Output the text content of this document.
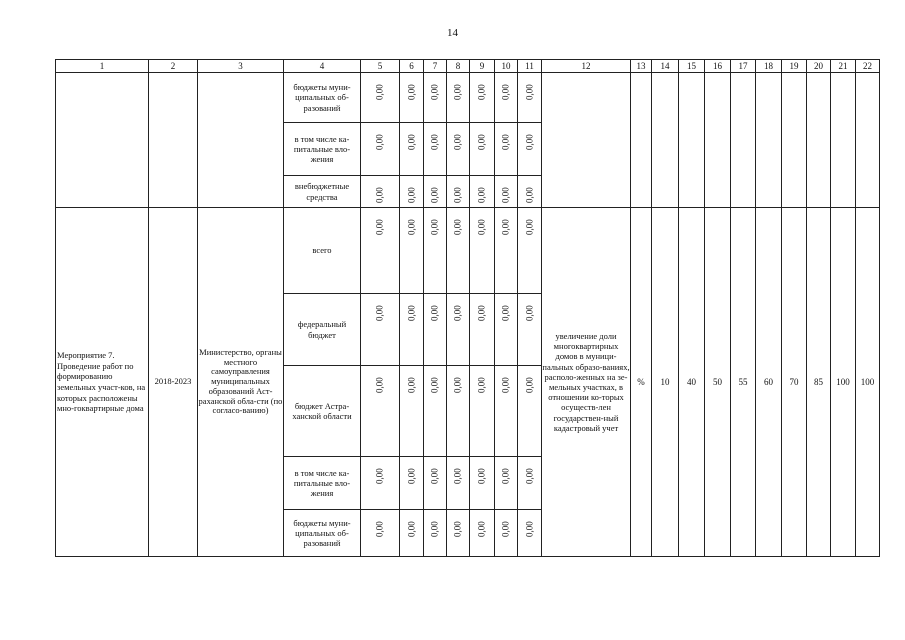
14
1	2	3	4	5	6	7	8	9	10	11	12	13	14	15	16	17	18	19	20	21	22
			бюджеты муни-ципальных об-разований	0,00	0,00	0,00	0,00	0,00	0,00	0,00											
			в том числе ка-питальные вло-жения	0,00	0,00	0,00	0,00	0,00	0,00	0,00											
			внебюджетные средства	0,00	0,00	0,00	0,00	0,00	0,00	0,00											
Мероприятие 7. Проведение работ по формированию земельных участ-ков, на которых расположены мно-гоквартирные дома	2018-2023	Министерство, органы местного самоуправления муниципальных образований Аст-раханской обла-сти (по согласо-ванию)	всего	0,00	0,00	0,00	0,00	0,00	0,00	0,00	увеличение доли многоквартирных домов в муници-пальных образо-ваниях, располо-женных на зе-мельных участках, в отношении ко-торых осуществ-лен государствен-ный кадастровый учет	%	10	40	50	55	60	70	85	100	100
			федеральный бюджет	0,00	0,00	0,00	0,00	0,00	0,00	0,00											
			бюджет Астра-ханской области	0,00	0,00	0,00	0,00	0,00	0,00	0,00											
			в том числе ка-питальные вло-жения	0,00	0,00	0,00	0,00	0,00	0,00	0,00											
			бюджеты муни-ципальных об-разований	0,00	0,00	0,00	0,00	0,00	0,00	0,00											
